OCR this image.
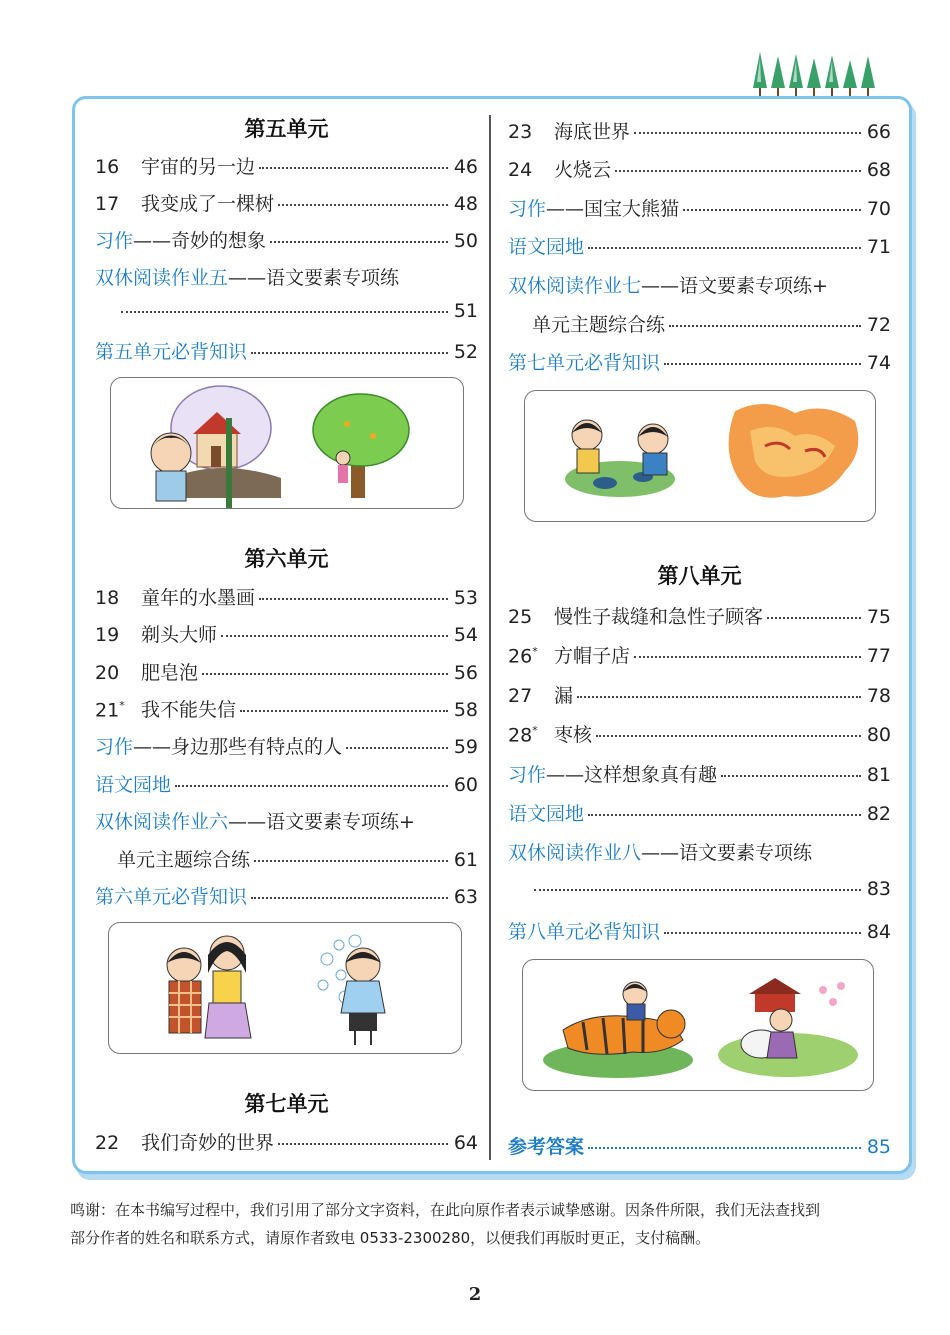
第五单元
16	宇宙的另一边	46
17	我变成了一棵树	48
习作 ——奇妙的想象	50
双休阅读作业五 ——语文要素专项练
51
第五单元必背知识	52
第六单元
18	童年的水墨画	53
19	剃头大师	54
20	肥皂泡	56
21* 我不能失信	58
习作 ——身边那些有特点的人	59
语文园地	60
双休阅读作业六 ——语文要素专项练+
单元主题综合练	61
第六单元必背知识	63
第七单元
22	我们奇妙的世界	64
23	海底世界	66
24	火烧云	68
习作 ——国宝大熊猫	70
语文园地	71
双休阅读作业七 ——语文要素专项练+
单元主题综合练	72
第七单元必背知识	74
第八单元
25	慢性子裁缝和急性子顾客	75
26* 方帽子店	77
27	漏	78
28* 枣核	80
习作 ——这样想象真有趣	81
语文园地	82
双休阅读作业八 ——语文要素专项练
83
第八单元必背知识	84
参考答案	85
鸣谢：在本书编写过程中，我们引用了部分文字资料，在此向原作者表示诚挚感谢。因条件所限，我们无法查找到
部分作者的姓名和联系方式，请原作者致电 0533-2300280，以便我们再版时更正，支付稿酬。
2
